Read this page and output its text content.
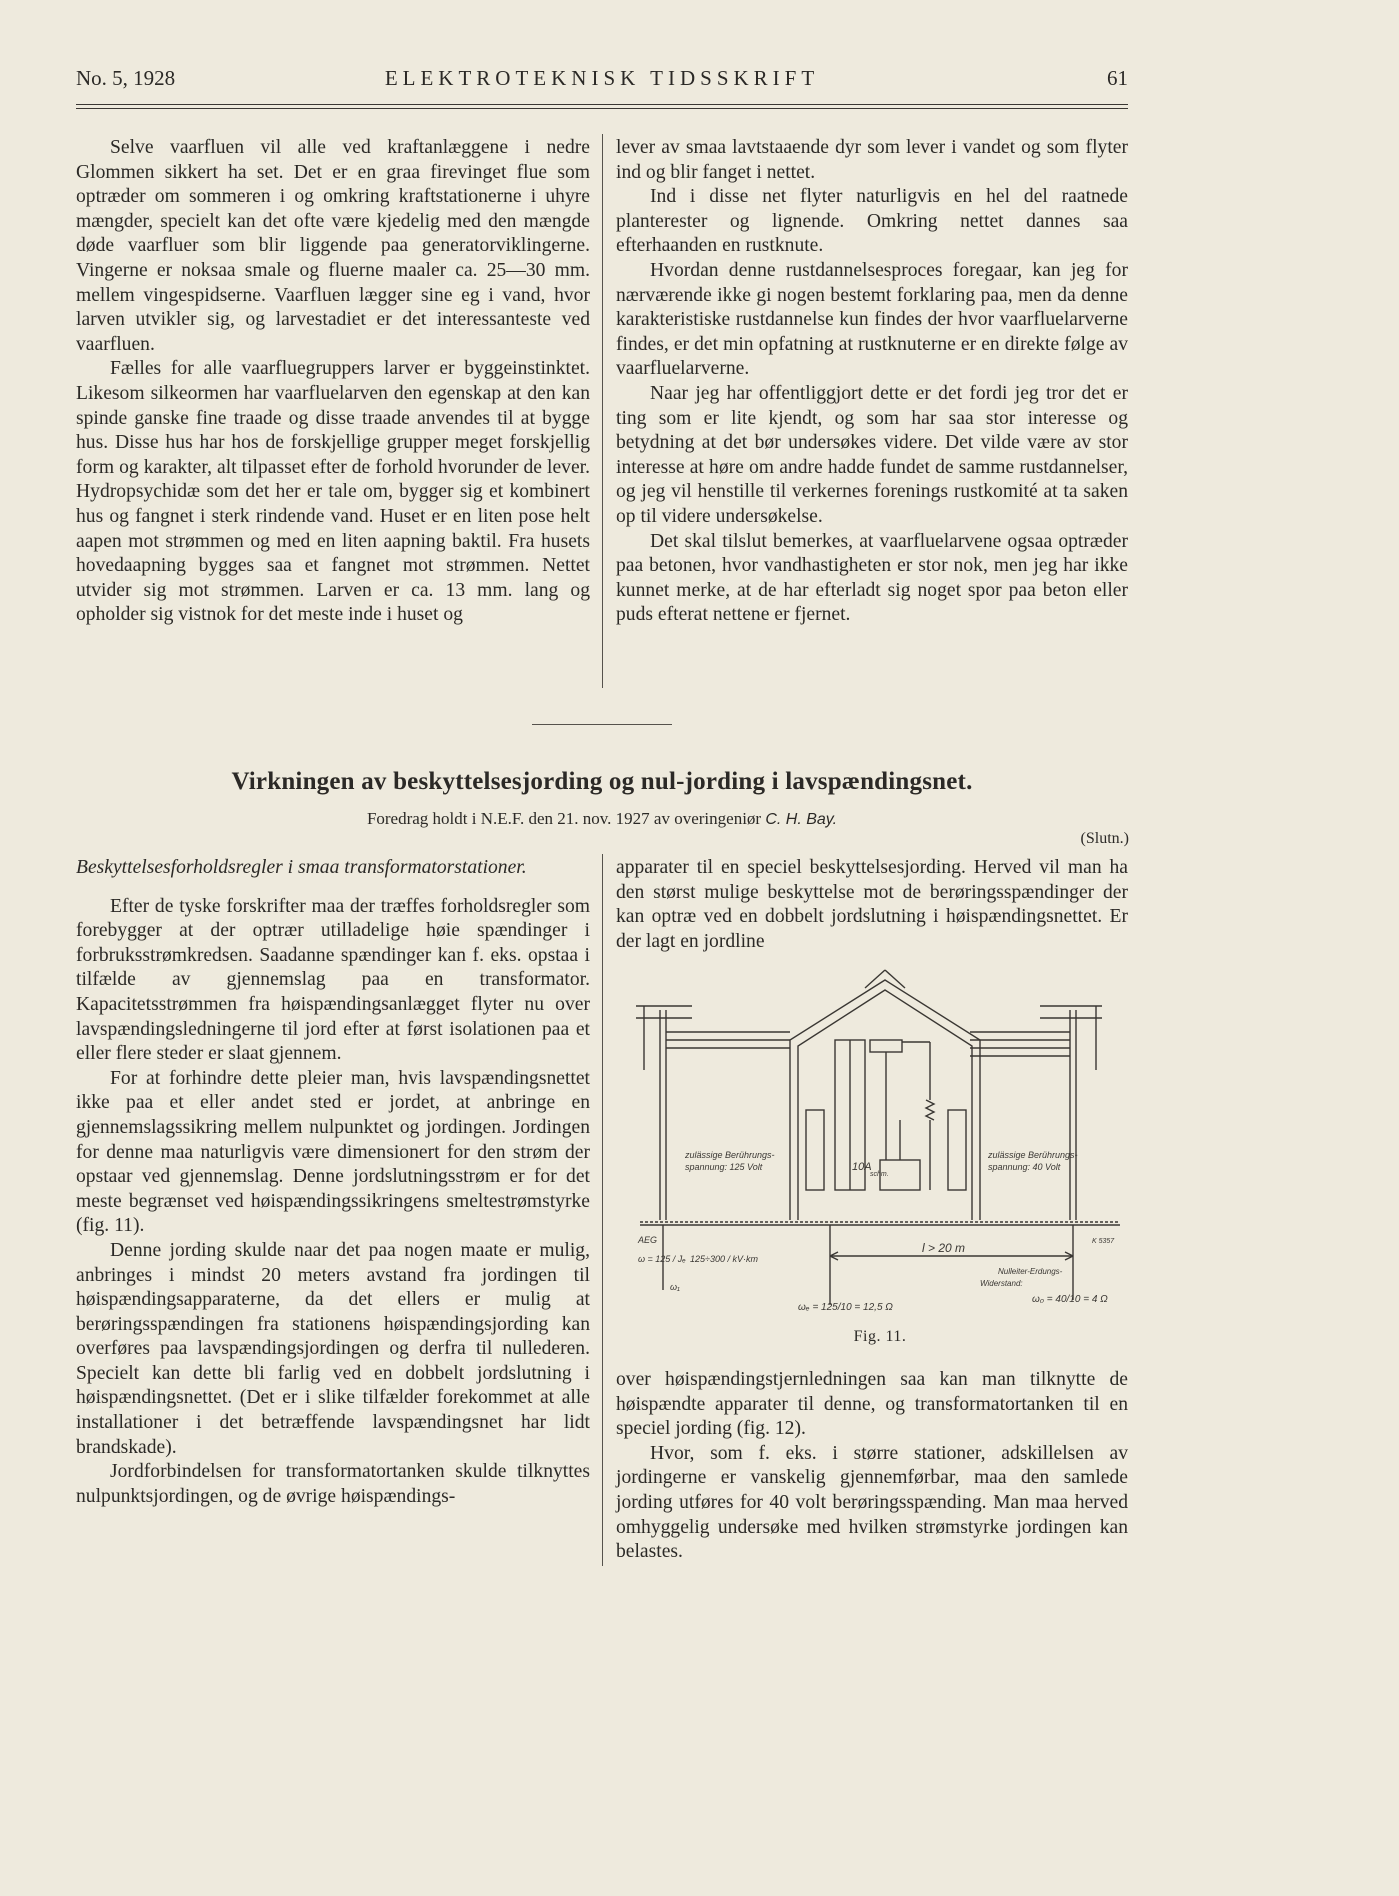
No. 5, 1928	ELEKTROTEKNISK TIDSSKRIFT	61

Selve vaarfluen vil alle ved kraftanlæggene i nedre Glommen sikkert ha set. Det er en graa firevinget flue som optræder om sommeren i og omkring kraftstationerne i uhyre mængder, specielt kan det ofte være kjedelig med den mængde døde vaarfluer som blir liggende paa generatorviklingerne. Vingerne er noksaa smale og fluerne maaler ca. 25—30 mm. mellem vingespidserne. Vaarfluen lægger sine eg i vand, hvor larven utvikler sig, og larvestadiet er det interessanteste ved vaarfluen.

Fælles for alle vaarfluegruppers larver er byggeinstinktet. Likesom silkeormen har vaarfluelarven den egenskap at den kan spinde ganske fine traade og disse traade anvendes til at bygge hus. Disse hus har hos de forskjellige grupper meget forskjellig form og karakter, alt tilpasset efter de forhold hvorunder de lever. Hydropsychidæ som det her er tale om, bygger sig et kombinert hus og fangnet i sterk rindende vand. Huset er en liten pose helt aapen mot strømmen og med en liten aapning baktil. Fra husets hovedaapning bygges saa et fangnet mot strømmen. Nettet utvider sig mot strømmen. Larven er ca. 13 mm. lang og opholder sig vistnok for det meste inde i huset og

lever av smaa lavtstaaende dyr som lever i vandet og som flyter ind og blir fanget i nettet.

Ind i disse net flyter naturligvis en hel del raatnede planterester og lignende. Omkring nettet dannes saa efterhaanden en rustknute.

Hvordan denne rustdannelsesproces foregaar, kan jeg for nærværende ikke gi nogen bestemt forklaring paa, men da denne karakteristiske rustdannelse kun findes der hvor vaarfluelarverne findes, er det min opfatning at rustknuterne er en direkte følge av vaarfluelarverne.

Naar jeg har offentliggjort dette er det fordi jeg tror det er ting som er lite kjendt, og som har saa stor interesse og betydning at det bør undersøkes videre. Det vilde være av stor interesse at høre om andre hadde fundet de samme rustdannelser, og jeg vil henstille til verkernes forenings rustkomité at ta saken op til videre undersøkelse.

Det skal tilslut bemerkes, at vaarfluelarvene ogsaa optræder paa betonen, hvor vandhastigheten er stor nok, men jeg har ikke kunnet merke, at de har efterladt sig noget spor paa beton eller puds efterat nettene er fjernet.

Virkningen av beskyttelsesjording og nul-jording i lavspændingsnet.
Foredrag holdt i N.E.F. den 21. nov. 1927 av overingeniør C. H. Bay.
(Slutn.)

Beskyttelsesforholdsregler i smaa transformatorstationer.

Efter de tyske forskrifter maa der træffes forholdsregler som forebygger at der optrær utilladelige høie spændinger i forbruksstrømkredsen. Saadanne spændinger kan f. eks. opstaa i tilfælde av gjennemslag paa en transformator. Kapacitetsstrømmen fra høispændingsanlægget flyter nu over lavspændingsledningerne til jord efter at først isolationen paa et eller flere steder er slaat gjennem.

For at forhindre dette pleier man, hvis lavspændingsnettet ikke paa et eller andet sted er jordet, at anbringe en gjennemslagssikring mellem nulpunktet og jordingen. Jordingen for denne maa naturligvis være dimensionert for den strøm der opstaar ved gjennemslag. Denne jordslutningsstrøm er for det meste begrænset ved høispændingssikringens smeltestrømstyrke (fig. 11).

Denne jording skulde naar det paa nogen maate er mulig, anbringes i mindst 20 meters avstand fra jordingen til høispændingsapparaterne, da det ellers er mulig at berøringsspændingen fra stationens høispændingsjording kan overføres paa lavspændingsjordingen og derfra til nullederen. Specielt kan dette bli farlig ved en dobbelt jordslutning i høispændingsnettet. (Det er i slike tilfælder forekommet at alle installationer i det betræffende lavspændingsnet har lidt brandskade).

Jordforbindelsen for transformatortanken skulde tilknyttes nulpunktsjordingen, og de øvrige høispændings-

apparater til en speciel beskyttelsesjording. Herved vil man ha den størst mulige beskyttelse mot de berøringsspændinger der kan optræ ved en dobbelt jordslutning i høispændingsnettet. Er der lagt en jordline

zulässige Berührungs-
spannung: 125 Volt
zulässige Berührungs-
spannung: 40 Volt
10A
schm.
AEG	K 5357
l > 20 m
ω = 125 / Jₑ 125÷300 / kV·km
ω₁
ωₑ = 125/10 = 12,5 Ω
Nulleiter-Erdungs-
Widerstand:
ω₀ = 40/10 = 4 Ω
Fig. 11.

over høispændingstjernledningen saa kan man tilknytte de høispændte apparater til denne, og transformatortanken til en speciel jording (fig. 12).

Hvor, som f. eks. i større stationer, adskillelsen av jordingerne er vanskelig gjennemførbar, maa den samlede jording utføres for 40 volt berøringsspænding. Man maa herved omhyggelig undersøke med hvilken strømstyrke jordingen kan belastes.
